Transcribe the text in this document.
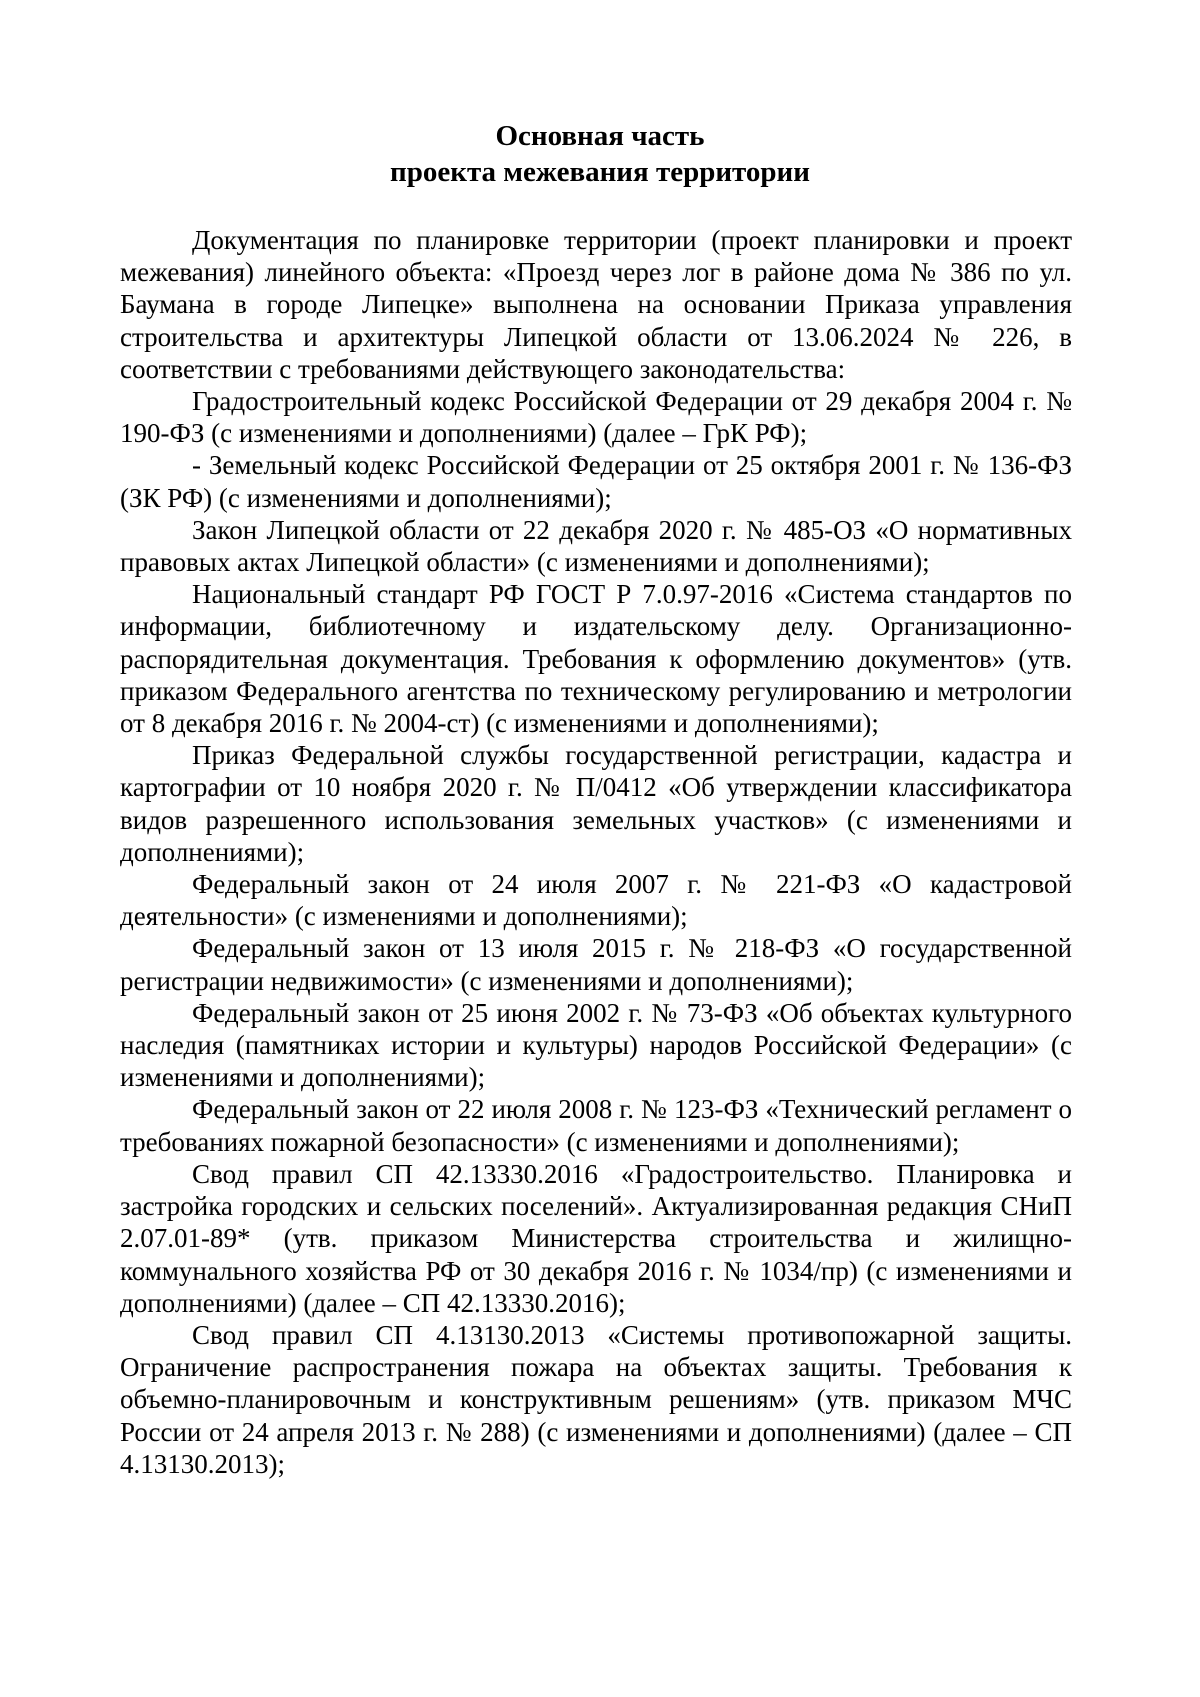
Основная часть
проекта межевания территории

Документация по планировке территории (проект планировки и проект межевания) линейного объекта: «Проезд через лог в районе дома № 386 по ул. Баумана в городе Липецке» выполнена на основании Приказа управления строительства и архитектуры Липецкой области от 13.06.2024 № 226, в соответствии с требованиями действующего законодательства:

Градостроительный кодекс Российской Федерации от 29 декабря 2004 г. № 190-ФЗ (с изменениями и дополнениями) (далее – ГрК РФ);

- Земельный кодекс Российской Федерации от 25 октября 2001 г. № 136-ФЗ (ЗК РФ) (с изменениями и дополнениями);

Закон Липецкой области от 22 декабря 2020 г. № 485-ОЗ «О нормативных правовых актах Липецкой области» (с изменениями и дополнениями);

Национальный стандарт РФ ГОСТ Р 7.0.97-2016 «Система стандартов по информации, библиотечному и издательскому делу. Организационно-распорядительная документация. Требования к оформлению документов» (утв. приказом Федерального агентства по техническому регулированию и метрологии от 8 декабря 2016 г. № 2004-ст) (с изменениями и дополнениями);

Приказ Федеральной службы государственной регистрации, кадастра и картографии от 10 ноября 2020 г. № П/0412 «Об утверждении классификатора видов разрешенного использования земельных участков» (с изменениями и дополнениями);

Федеральный закон от 24 июля 2007 г. № 221-ФЗ «О кадастровой деятельности» (с изменениями и дополнениями);

Федеральный закон от 13 июля 2015 г. № 218-ФЗ «О государственной регистрации недвижимости» (с изменениями и дополнениями);

Федеральный закон от 25 июня 2002 г. № 73-ФЗ «Об объектах культурного наследия (памятниках истории и культуры) народов Российской Федерации» (с изменениями и дополнениями);

Федеральный закон от 22 июля 2008 г. № 123-ФЗ «Технический регламент о требованиях пожарной безопасности» (с изменениями и дополнениями);

Свод правил СП 42.13330.2016 «Градостроительство. Планировка и застройка городских и сельских поселений». Актуализированная редакция СНиП 2.07.01-89* (утв. приказом Министерства строительства и жилищно-коммунального хозяйства РФ от 30 декабря 2016 г. № 1034/пр) (с изменениями и дополнениями) (далее – СП 42.13330.2016);

Свод правил СП 4.13130.2013 «Системы противопожарной защиты. Ограничение распространения пожара на объектах защиты. Требования к объемно-планировочным и конструктивным решениям» (утв. приказом МЧС России от 24 апреля 2013 г. № 288) (с изменениями и дополнениями) (далее – СП 4.13130.2013);
